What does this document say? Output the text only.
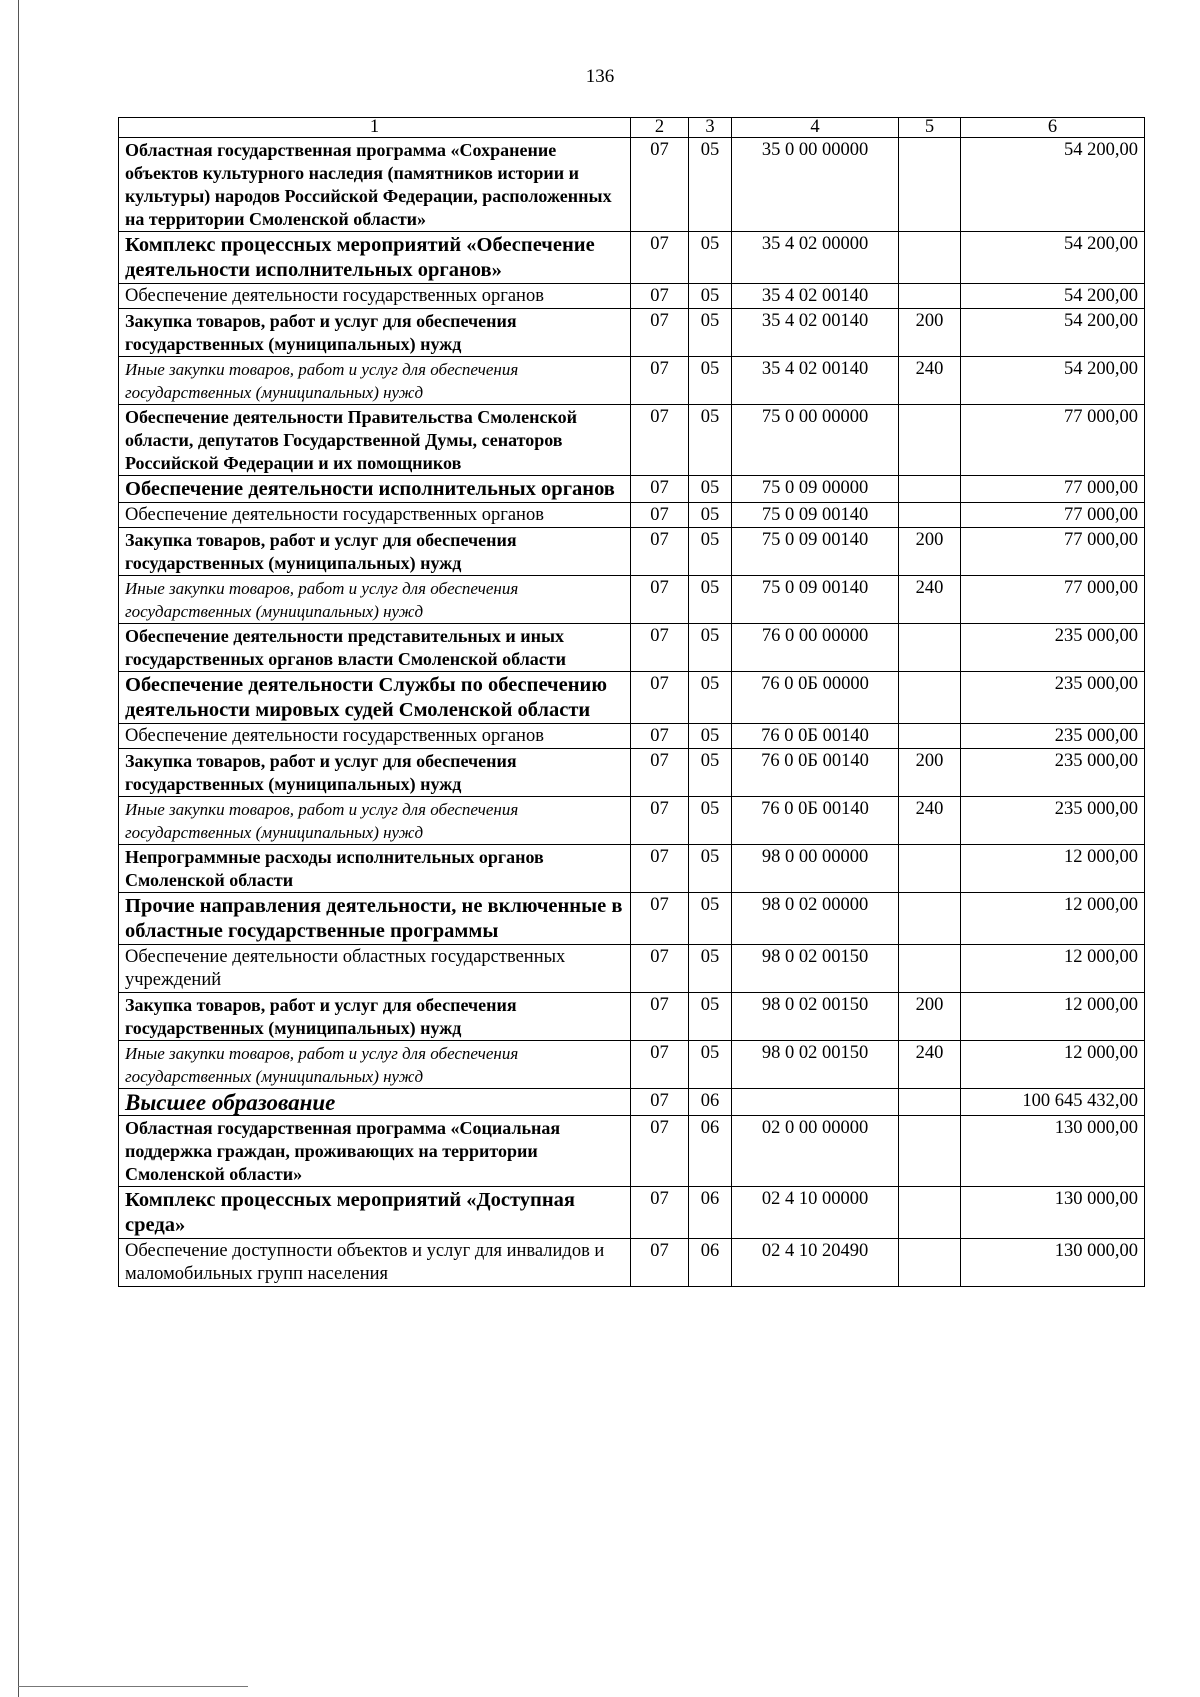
136
1	2	3	4	5	6
Областная государственная программа «Сохранение объектов культурного наследия (памятников истории и культуры) народов Российской Федерации, расположенных на территории Смоленской области»	07	05	35 0 00 00000		54 200,00
Комплекс процессных мероприятий «Обеспечение деятельности исполнительных органов»	07	05	35 4 02 00000		54 200,00
Обеспечение деятельности государственных органов	07	05	35 4 02 00140		54 200,00
Закупка товаров, работ и услуг для обеспечения государственных (муниципальных) нужд	07	05	35 4 02 00140	200	54 200,00
Иные закупки товаров, работ и услуг для обеспечения государственных (муниципальных) нужд	07	05	35 4 02 00140	240	54 200,00
Обеспечение деятельности Правительства Смоленской области, депутатов Государственной Думы, сенаторов Российской Федерации и их помощников	07	05	75 0 00 00000		77 000,00
Обеспечение деятельности исполнительных органов	07	05	75 0 09 00000		77 000,00
Обеспечение деятельности государственных органов	07	05	75 0 09 00140		77 000,00
Закупка товаров, работ и услуг для обеспечения государственных (муниципальных) нужд	07	05	75 0 09 00140	200	77 000,00
Иные закупки товаров, работ и услуг для обеспечения государственных (муниципальных) нужд	07	05	75 0 09 00140	240	77 000,00
Обеспечение деятельности представительных и иных государственных органов власти Смоленской области	07	05	76 0 00 00000		235 000,00
Обеспечение деятельности Службы по обеспечению деятельности мировых судей Смоленской области	07	05	76 0 0Б 00000		235 000,00
Обеспечение деятельности государственных органов	07	05	76 0 0Б 00140		235 000,00
Закупка товаров, работ и услуг для обеспечения государственных (муниципальных) нужд	07	05	76 0 0Б 00140	200	235 000,00
Иные закупки товаров, работ и услуг для обеспечения государственных (муниципальных) нужд	07	05	76 0 0Б 00140	240	235 000,00
Непрограммные расходы исполнительных органов Смоленской области	07	05	98 0 00 00000		12 000,00
Прочие направления деятельности, не включенные в областные государственные программы	07	05	98 0 02 00000		12 000,00
Обеспечение деятельности областных государственных учреждений	07	05	98 0 02 00150		12 000,00
Закупка товаров, работ и услуг для обеспечения государственных (муниципальных) нужд	07	05	98 0 02 00150	200	12 000,00
Иные закупки товаров, работ и услуг для обеспечения государственных (муниципальных) нужд	07	05	98 0 02 00150	240	12 000,00
Высшее образование	07	06			100 645 432,00
Областная государственная программа «Социальная поддержка граждан, проживающих на территории Смоленской области»	07	06	02 0 00 00000		130 000,00
Комплекс процессных мероприятий «Доступная среда»	07	06	02 4 10 00000		130 000,00
Обеспечение доступности объектов и услуг для инвалидов и маломобильных групп населения	07	06	02 4 10 20490		130 000,00
